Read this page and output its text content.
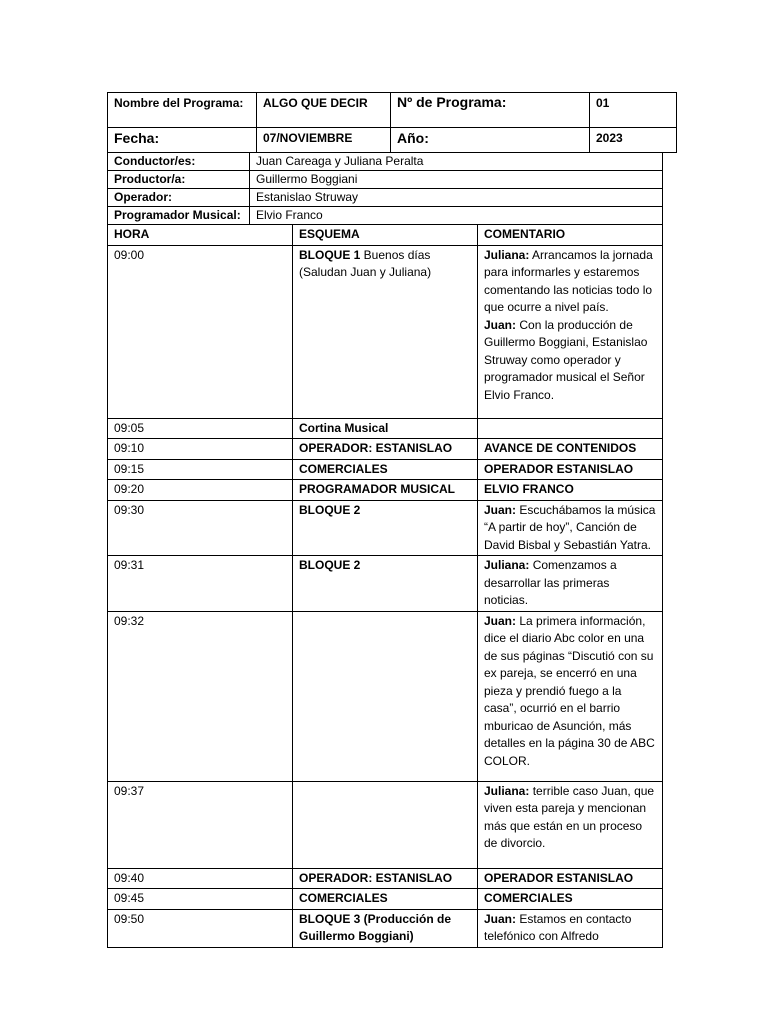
Nombre del Programa:	ALGO QUE DECIR	Nº de Programa:	01
Fecha:	07/NOVIEMBRE	Año:	2023
Conductor/es:	Juan Careaga y Juliana Peralta
Productor/a:	Guillermo Boggiani
Operador:	Estanislao Struway
Programador Musical:	Elvio Franco
HORA	ESQUEMA	COMENTARIO
09:00	BLOQUE 1 Buenos días (Saludan Juan y Juliana)	Juliana: Arrancamos la jornada para informarles y estaremos comentando las noticias todo lo que ocurre a nivel país.
Juan: Con la producción de Guillermo Boggiani, Estanislao Struway como operador y programador musical el Señor Elvio Franco.

09:05	Cortina Musical	
09:10	OPERADOR: ESTANISLAO	AVANCE DE CONTENIDOS
09:15	COMERCIALES	OPERADOR ESTANISLAO
09:20	PROGRAMADOR MUSICAL	ELVIO FRANCO
09:30	BLOQUE 2	Juan: Escuchábamos la música “A partir de hoy”, Canción de David Bisbal y Sebastián Yatra.

09:31	BLOQUE 2	Juliana: Comenzamos a desarrollar las primeras noticias.

09:32		Juan: La primera información, dice el diario Abc color en una de sus páginas “Discutió con su ex pareja, se encerró en una pieza y prendió fuego a la casa”, ocurrió en el barrio mburicao de Asunción, más detalles en la página 30 de ABC COLOR.

09:37		Juliana: terrible caso Juan, que viven esta pareja y mencionan más que están en un proceso de divorcio.

09:40	OPERADOR: ESTANISLAO	OPERADOR ESTANISLAO
09:45	COMERCIALES	COMERCIALES
09:50	BLOQUE 3 (Producción de Guillermo Boggiani)	Juan: Estamos en contacto telefónico con Alfredo
